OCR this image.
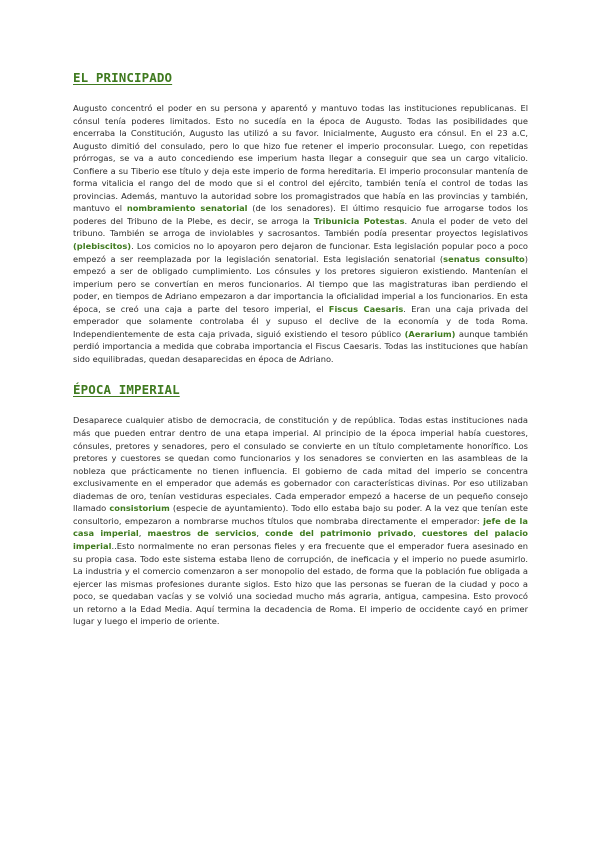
EL PRINCIPADO

Augusto concentró el poder en su persona y aparentó y mantuvo todas las instituciones republicanas. El cónsul tenía poderes limitados. Esto no sucedía en la época de Augusto. Todas las posibilidades que encerraba la Constitución, Augusto las utilizó a su favor. Inicialmente, Augusto era cónsul. En el 23 a.C, Augusto dimitió del consulado, pero lo que hizo fue retener el imperio proconsular. Luego, con repetidas prórrogas, se va a auto concediendo ese imperium hasta llegar a conseguir que sea un cargo vitalicio. Confiere a su Tiberio ese título y deja este imperio de forma hereditaria. El imperio proconsular mantenía de forma vitalicia el rango del de modo que si el control del ejército, también tenía el control de todas las provincias. Además, mantuvo la autoridad sobre los promagistrados que había en las provincias y también, mantuvo el nombramiento senatorial (de los senadores). El último resquicio fue arrogarse todos los poderes del Tribuno de la Plebe, es decir, se arroga la Tribunicia Potestas. Anula el poder de veto del tribuno. También se arroga de inviolables y sacrosantos. También podía presentar proyectos legislativos (plebiscitos). Los comicios no lo apoyaron pero dejaron de funcionar. Esta legislación popular poco a poco empezó a ser reemplazada por la legislación senatorial. Esta legislación senatorial (senatus consulto) empezó a ser de obligado cumplimiento. Los cónsules y los pretores siguieron existiendo. Mantenían el imperium pero se convertían en meros funcionarios. Al tiempo que las magistraturas iban perdiendo el poder, en tiempos de Adriano empezaron a dar importancia la oficialidad imperial a los funcionarios. En esta época, se creó una caja a parte del tesoro imperial, el Fiscus Caesaris. Eran una caja privada del emperador que solamente controlaba él y supuso el declive de la economía y de toda Roma. Independientemente de esta caja privada, siguió existiendo el tesoro público (Aerarium) aunque también perdió importancia a medida que cobraba importancia el Fiscus Caesaris. Todas las instituciones que habían sido equilibradas, quedan desaparecidas en época de Adriano.

ÉPOCA IMPERIAL

Desaparece cualquier atisbo de democracia, de constitución y de república. Todas estas instituciones nada más que pueden entrar dentro de una etapa imperial. Al principio de la época imperial había cuestores, cónsules, pretores y senadores, pero el consulado se convierte en un título completamente honorífico. Los pretores y cuestores se quedan como funcionarios y los senadores se convierten en las asambleas de la nobleza que prácticamente no tienen influencia. El gobierno de cada mitad del imperio se concentra exclusivamente en el emperador que además es gobernador con características divinas. Por eso utilizaban diademas de oro, tenían vestiduras especiales. Cada emperador empezó a hacerse de un pequeño consejo llamado consistorium (especie de ayuntamiento). Todo ello estaba bajo su poder. A la vez que tenían este consultorio, empezaron a nombrarse muchos títulos que nombraba directamente el emperador: jefe de la casa imperial, maestros de servicios, conde del patrimonio privado, cuestores del palacio imperial..Esto normalmente no eran personas fieles y era frecuente que el emperador fuera asesinado en su propia casa. Todo este sistema estaba lleno de corrupción, de ineficacia y el imperio no puede asumirlo. La industria y el comercio comenzaron a ser monopolio del estado, de forma que la población fue obligada a ejercer las mismas profesiones durante siglos. Esto hizo que las personas se fueran de la ciudad y poco a poco, se quedaban vacías y se volvió una sociedad mucho más agraria, antigua, campesina. Esto provocó un retorno a la Edad Media. Aquí termina la decadencia de Roma. El imperio de occidente cayó en primer lugar y luego el imperio de oriente.
